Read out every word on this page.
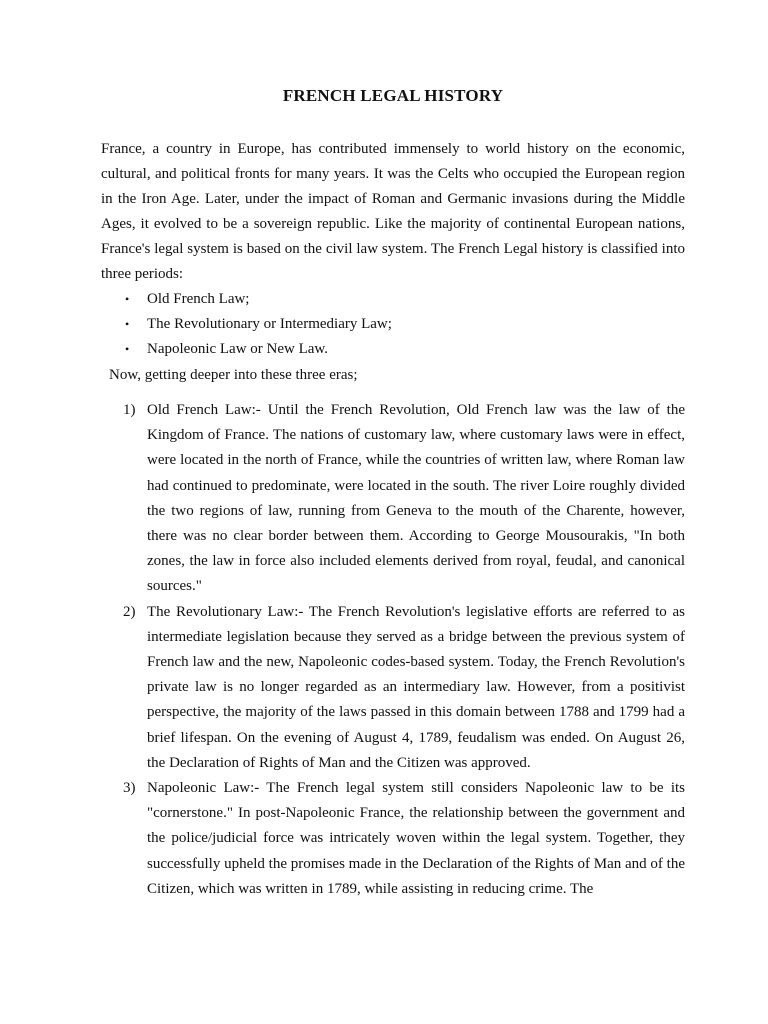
FRENCH LEGAL HISTORY

France, a country in Europe, has contributed immensely to world history on the economic, cultural, and political fronts for many years. It was the Celts who occupied the European region in the Iron Age. Later, under the impact of Roman and Germanic invasions during the Middle Ages, it evolved to be a sovereign republic. Like the majority of continental European nations, France's legal system is based on the civil law system. The French Legal history is classified into three periods:

• Old French Law;
• The Revolutionary or Intermediary Law;
• Napoleonic Law or New Law.

Now, getting deeper into these three eras;

1) Old French Law:- Until the French Revolution, Old French law was the law of the Kingdom of France. The nations of customary law, where customary laws were in effect, were located in the north of France, while the countries of written law, where Roman law had continued to predominate, were located in the south. The river Loire roughly divided the two regions of law, running from Geneva to the mouth of the Charente, however, there was no clear border between them. According to George Mousourakis, "In both zones, the law in force also included elements derived from royal, feudal, and canonical sources."
2) The Revolutionary Law:- The French Revolution's legislative efforts are referred to as intermediate legislation because they served as a bridge between the previous system of French law and the new, Napoleonic codes-based system. Today, the French Revolution's private law is no longer regarded as an intermediary law. However, from a positivist perspective, the majority of the laws passed in this domain between 1788 and 1799 had a brief lifespan. On the evening of August 4, 1789, feudalism was ended. On August 26, the Declaration of Rights of Man and the Citizen was approved.
3) Napoleonic Law:- The French legal system still considers Napoleonic law to be its "cornerstone." In post-Napoleonic France, the relationship between the government and the police/judicial force was intricately woven within the legal system. Together, they successfully upheld the promises made in the Declaration of the Rights of Man and of the Citizen, which was written in 1789, while assisting in reducing crime. The
